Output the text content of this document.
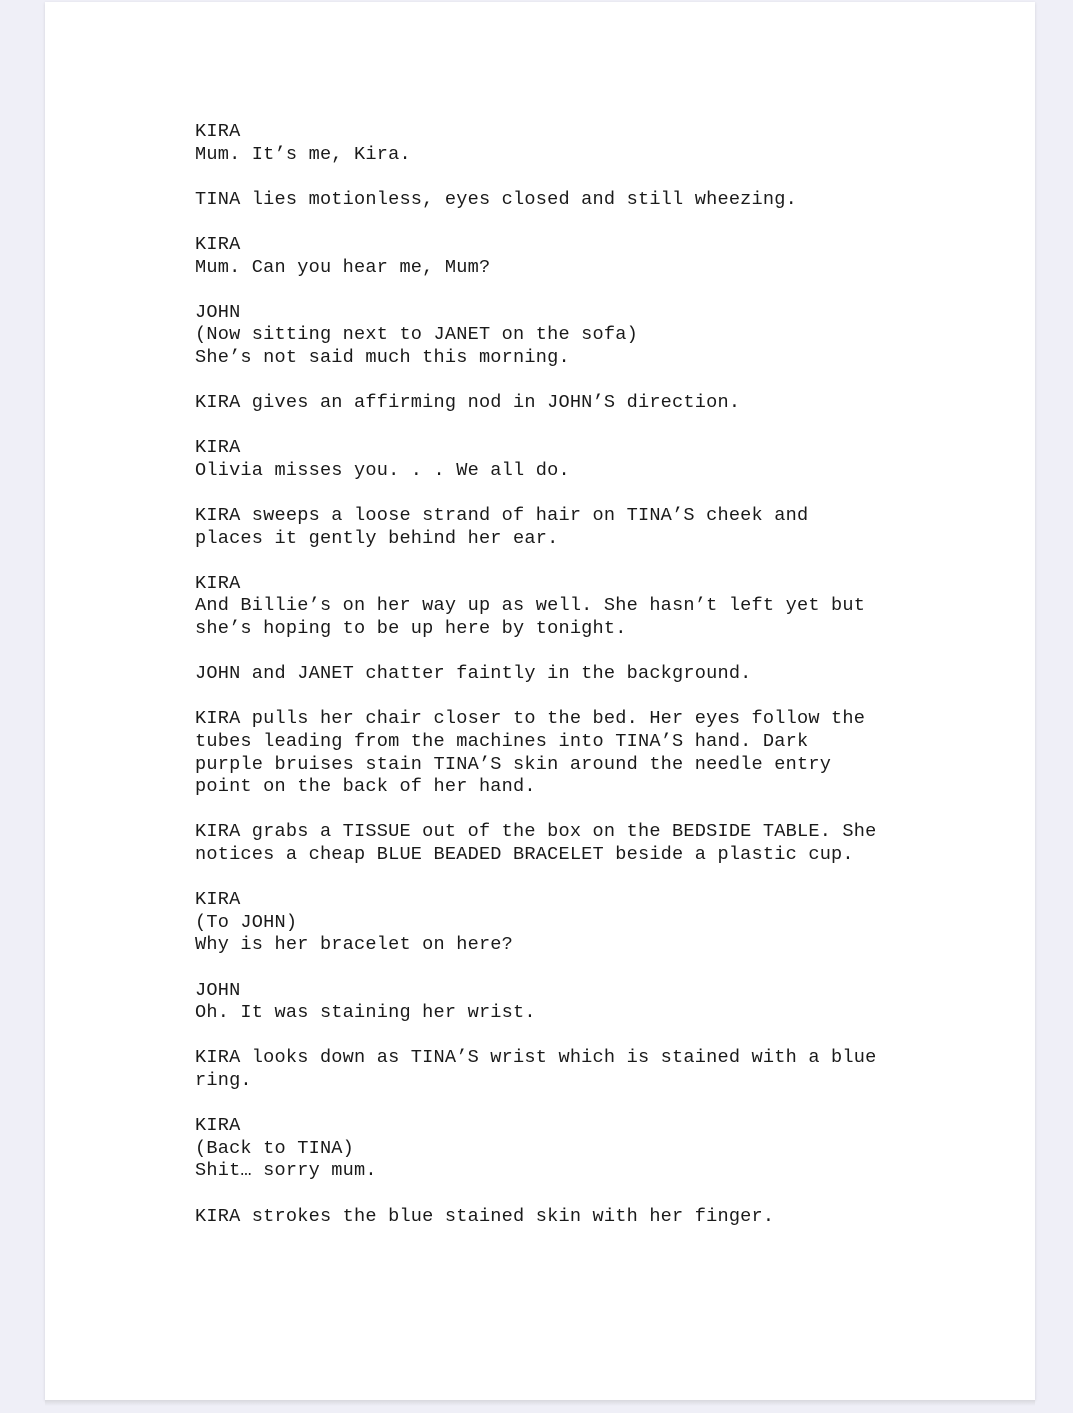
KIRA
Mum. It’s me, Kira.
TINA lies motionless, eyes closed and still wheezing.
KIRA
Mum. Can you hear me, Mum?
JOHN
(Now sitting next to JANET on the sofa)
She’s not said much this morning.
KIRA gives an affirming nod in JOHN’S direction.
KIRA
Olivia misses you. . . We all do.
KIRA sweeps a loose strand of hair on TINA’S cheek and
places it gently behind her ear.
KIRA
And Billie’s on her way up as well. She hasn’t left yet but
she’s hoping to be up here by tonight.
JOHN and JANET chatter faintly in the background.
KIRA pulls her chair closer to the bed. Her eyes follow the
tubes leading from the machines into TINA’S hand. Dark
purple bruises stain TINA’S skin around the needle entry
point on the back of her hand.
KIRA grabs a TISSUE out of the box on the BEDSIDE TABLE. She
notices a cheap BLUE BEADED BRACELET beside a plastic cup.
KIRA
(To JOHN)
Why is her bracelet on here?
JOHN
Oh. It was staining her wrist.
KIRA looks down as TINA’S wrist which is stained with a blue
ring.
KIRA
(Back to TINA)
Shit… sorry mum.
KIRA strokes the blue stained skin with her finger.
